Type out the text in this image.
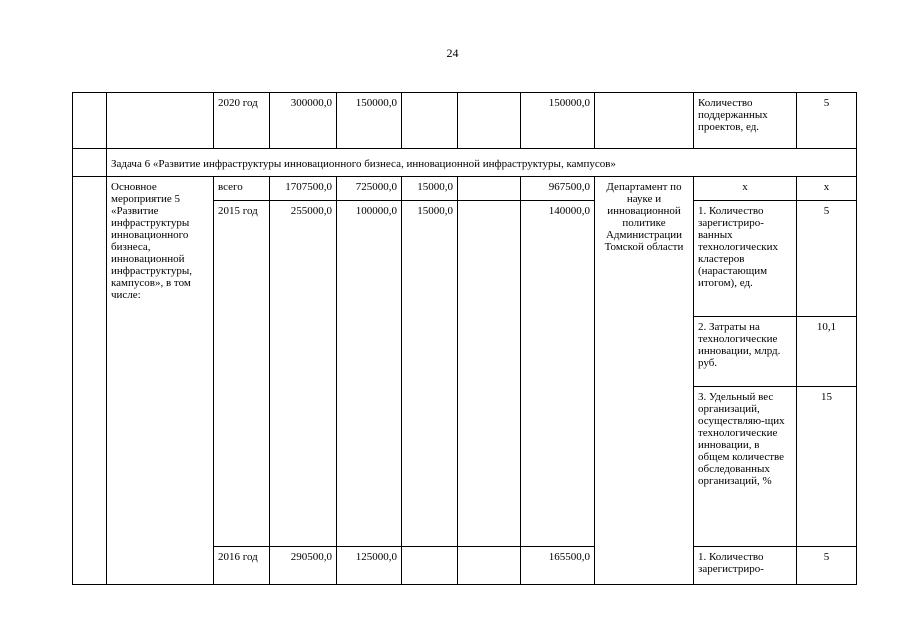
24
		2020 год	300000,0	150000,0			150000,0		Количество поддержанных проектов, ед.	5
	Задача 6 «Развитие инфраструктуры инновационного бизнеса, инновационной инфраструктуры, кампусов»									
	Основное мероприятие 5 «Развитие инфраструктуры инновационного бизнеса, инновационной инфраструктуры, кампусов», в том числе:	всего	1707500,0	725000,0	15000,0		967500,0	Департамент по науке и инновационной политике Администрации Томской области	х	х
		2015 год	255000,0	100000,0	15000,0		140000,0		1. Количество зарегистриро-ванных технологических кластеров (нарастающим итогом), ед.	5
									2. Затраты на технологические инновации, млрд. руб.	10,1
									3. Удельный вес организаций, осуществляю-щих технологические инновации, в общем количестве обследованных организаций, %	15
		2016 год	290500,0	125000,0			165500,0		1. Количество зарегистриро-	5
